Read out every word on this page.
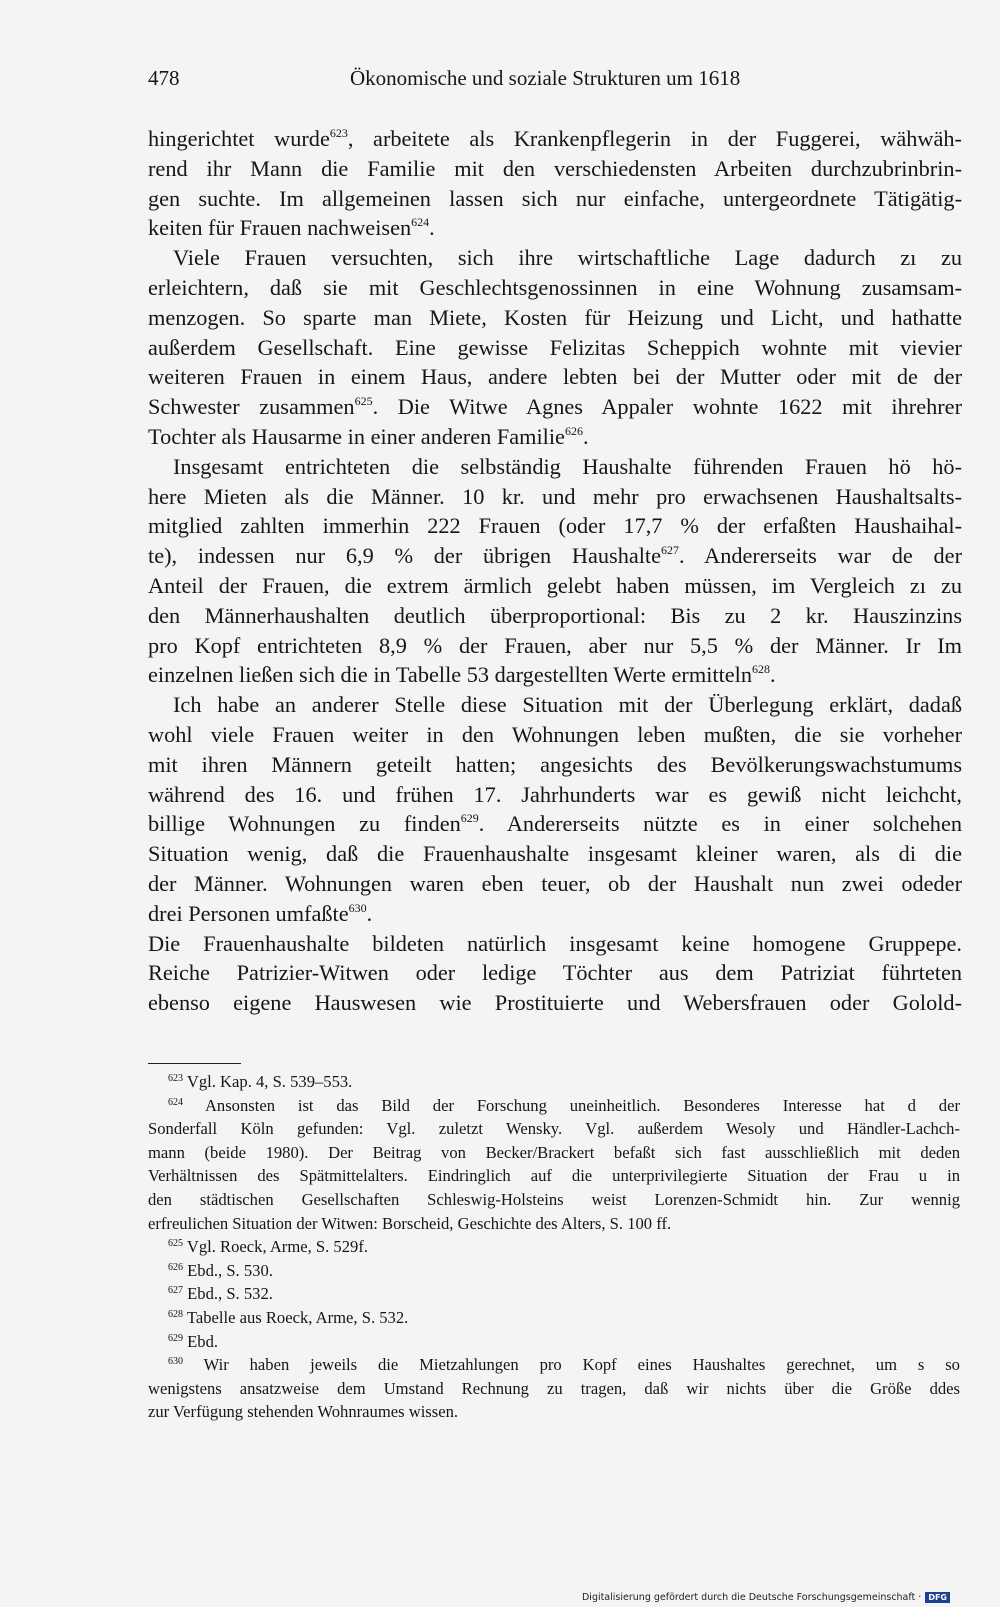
478	Ökonomische und soziale Strukturen um 1618
hingerichtet wurde$^{623}$, arbeitete als Krankenpflegerin in der Fuggerei, wähwäh-
rend ihr Mann die Familie mit den verschiedensten Arbeiten durchzubrinbrin-
gen suchte. Im allgemeinen lassen sich nur einfache, untergeordnete Tätigätig-
keiten für Frauen nachweisen$^{624}$.
Viele Frauen versuchten, sich ihre wirtschaftliche Lage dadurch zı zu
erleichtern, daß sie mit Geschlechtsgenossinnen in eine Wohnung zusamsam-
menzogen. So sparte man Miete, Kosten für Heizung und Licht, und hathatte
außerdem Gesellschaft. Eine gewisse Felizitas Scheppich wohnte mit vievier
weiteren Frauen in einem Haus, andere lebten bei der Mutter oder mit de der
Schwester zusammen$^{625}$. Die Witwe Agnes Appaler wohnte 1622 mit ihrehrer
Tochter als Hausarme in einer anderen Familie$^{626}$.
Insgesamt entrichteten die selbständig Haushalte führenden Frauen hö hö-
here Mieten als die Männer. 10 kr. und mehr pro erwachsenen Haushaltsalts-
mitglied zahlten immerhin 222 Frauen (oder 17,7 % der erfaßten Haushaihal-
te), indessen nur 6,9 % der übrigen Haushalte$^{627}$. Andererseits war de der
Anteil der Frauen, die extrem ärmlich gelebt haben müssen, im Vergleich zı zu
den Männerhaushalten deutlich überproportional: Bis zu 2 kr. Hauszinzins
pro Kopf entrichteten 8,9 % der Frauen, aber nur 5,5 % der Männer. Ir Im
einzelnen ließen sich die in Tabelle 53 dargestellten Werte ermitteln$^{628}$.
Ich habe an anderer Stelle diese Situation mit der Überlegung erklärt, dadaß
wohl viele Frauen weiter in den Wohnungen leben mußten, die sie vorheher
mit ihren Männern geteilt hatten; angesichts des Bevölkerungswachstumums
während des 16. und frühen 17. Jahrhunderts war es gewiß nicht leichcht,
billige Wohnungen zu finden$^{629}$. Andererseits nützte es in einer solchehen
Situation wenig, daß die Frauenhaushalte insgesamt kleiner waren, als di die
der Männer. Wohnungen waren eben teuer, ob der Haushalt nun zwei odeder
drei Personen umfaßte$^{630}$.
Die Frauenhaushalte bildeten natürlich insgesamt keine homogene Gruppepe.
Reiche Patrizier-Witwen oder ledige Töchter aus dem Patriziat führteten
ebenso eigene Hauswesen wie Prostituierte und Webersfrauen oder Golold-
$^{623}$ Vgl. Kap. 4, S. 539–553.
$^{624}$ Ansonsten ist das Bild der Forschung uneinheitlich. Besonderes Interesse hat d der
Sonderfall Köln gefunden: Vgl. zuletzt Wensky. Vgl. außerdem Wesoly und Händler-Lachch-
mann (beide 1980). Der Beitrag von Becker/Brackert befaßt sich fast ausschließlich mit deden
Verhältnissen des Spätmittelalters. Eindringlich auf die unterprivilegierte Situation der Frau u in
den städtischen Gesellschaften Schleswig-Holsteins weist Lorenzen-Schmidt hin. Zur wennig
erfreulichen Situation der Witwen: Borscheid, Geschichte des Alters, S. 100 ff.
$^{625}$ Vgl. Roeck, Arme, S. 529f.
$^{626}$ Ebd., S. 530.
$^{627}$ Ebd., S. 532.
$^{628}$ Tabelle aus Roeck, Arme, S. 532.
$^{629}$ Ebd.
$^{630}$ Wir haben jeweils die Mietzahlungen pro Kopf eines Haushaltes gerechnet, um s so
wenigstens ansatzweise dem Umstand Rechnung zu tragen, daß wir nichts über die Größe ddes
zur Verfügung stehenden Wohnraumes wissen.
Digitalisierung gefördert durch die Deutsche Forschungsgemeinschaft · DFG
